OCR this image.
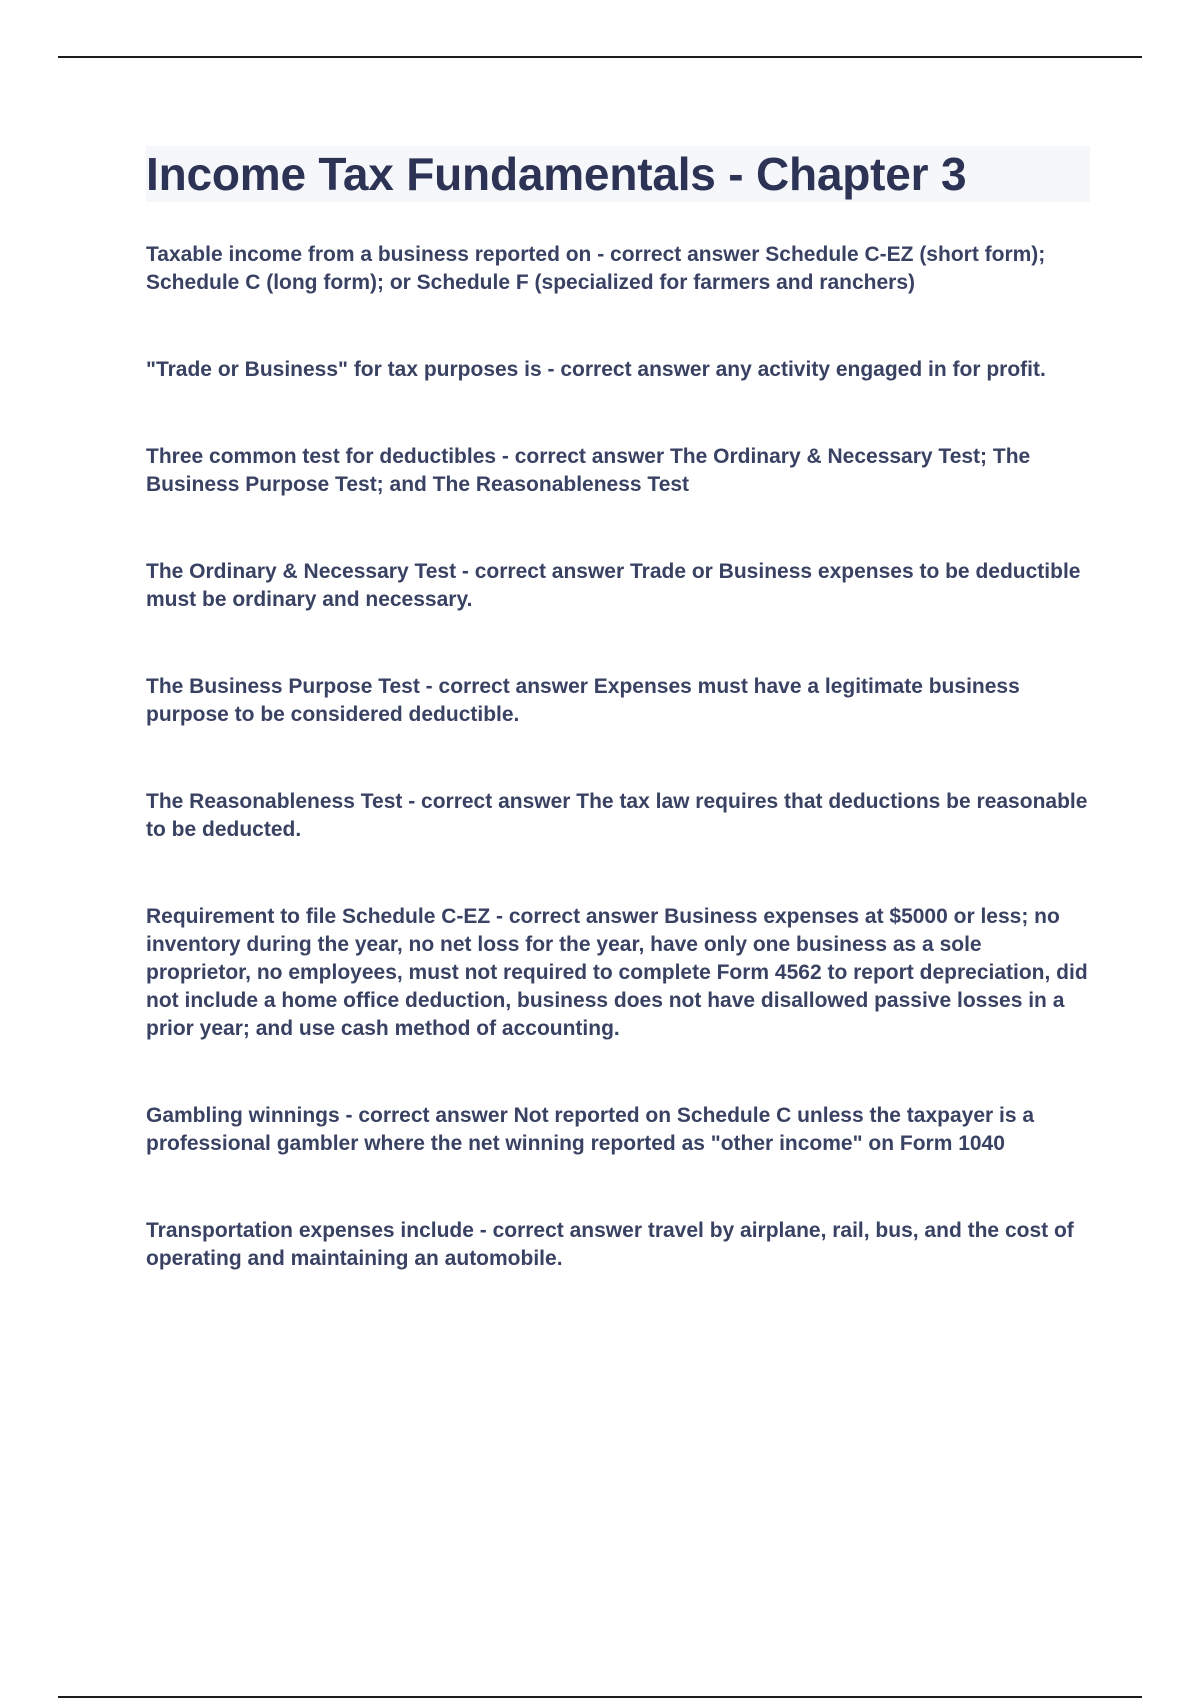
Income Tax Fundamentals - Chapter 3

Taxable income from a business reported on - correct answer Schedule C-EZ (short form); Schedule C (long form); or Schedule F (specialized for farmers and ranchers)

"Trade or Business" for tax purposes is - correct answer any activity engaged in for profit.

Three common test for deductibles - correct answer The Ordinary & Necessary Test; The Business Purpose Test; and The Reasonableness Test

The Ordinary & Necessary Test - correct answer Trade or Business expenses to be deductible must be ordinary and necessary.

The Business Purpose Test - correct answer Expenses must have a legitimate business purpose to be considered deductible.

The Reasonableness Test - correct answer The tax law requires that deductions be reasonable to be deducted.

Requirement to file Schedule C-EZ - correct answer Business expenses at $5000 or less; no inventory during the year, no net loss for the year, have only one business as a sole proprietor, no employees, must not required to complete Form 4562 to report depreciation, did not include a home office deduction, business does not have disallowed passive losses in a prior year; and use cash method of accounting.

Gambling winnings - correct answer Not reported on Schedule C unless the taxpayer is a professional gambler where the net winning reported as "other income" on Form 1040

Transportation expenses include - correct answer travel by airplane, rail, bus, and the cost of operating and maintaining an automobile.
